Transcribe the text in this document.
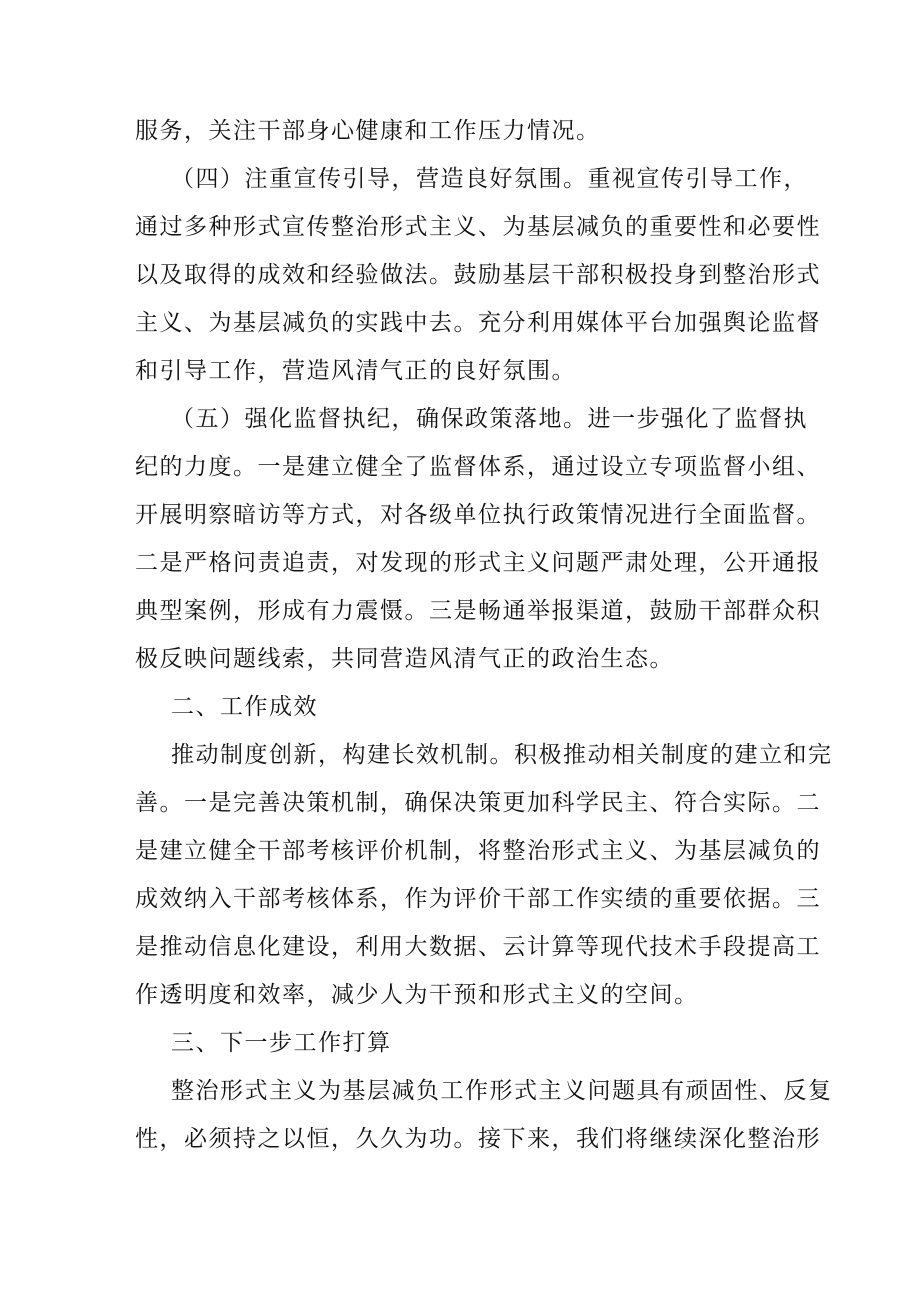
服务，关注干部身心健康和工作压力情况。
（四）注重宣传引导，营造良好氛围。重视宣传引导工作，
通过多种形式宣传整治形式主义、为基层减负的重要性和必要性
以及取得的成效和经验做法。鼓励基层干部积极投身到整治形式
主义、为基层减负的实践中去。充分利用媒体平台加强舆论监督
和引导工作，营造风清气正的良好氛围。
（五）强化监督执纪，确保政策落地。进一步强化了监督执
纪的力度。一是建立健全了监督体系，通过设立专项监督小组、
开展明察暗访等方式，对各级单位执行政策情况进行全面监督。
二是严格问责追责，对发现的形式主义问题严肃处理，公开通报
典型案例，形成有力震慑。三是畅通举报渠道，鼓励干部群众积
极反映问题线索，共同营造风清气正的政治生态。
二、工作成效
推动制度创新，构建长效机制。积极推动相关制度的建立和完
善。一是完善决策机制，确保决策更加科学民主、符合实际。二
是建立健全干部考核评价机制，将整治形式主义、为基层减负的
成效纳入干部考核体系，作为评价干部工作实绩的重要依据。三
是推动信息化建设，利用大数据、云计算等现代技术手段提高工
作透明度和效率，减少人为干预和形式主义的空间。
三、下一步工作打算
整治形式主义为基层减负工作形式主义问题具有顽固性、反复
性，必须持之以恒，久久为功。接下来，我们将继续深化整治形
